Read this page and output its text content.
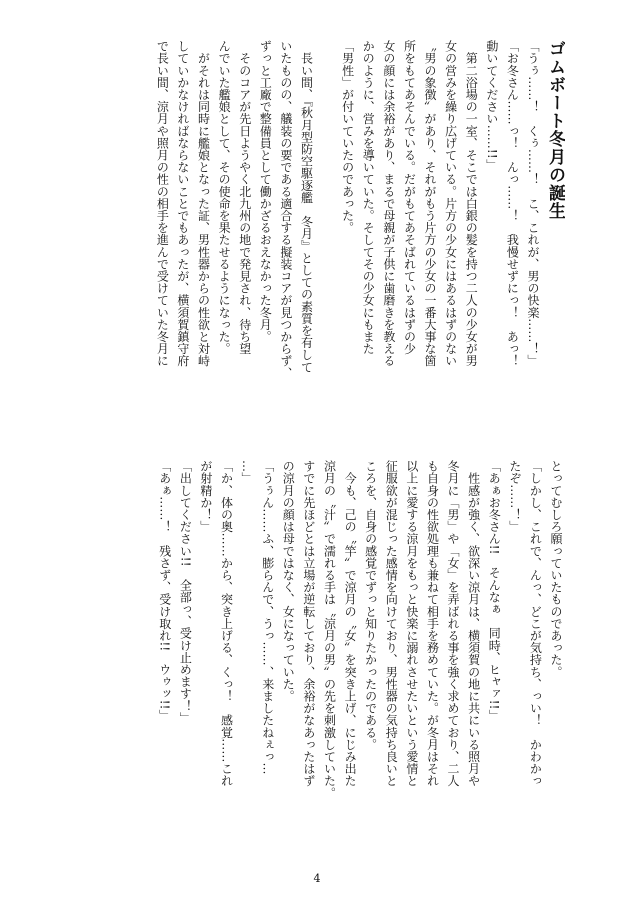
ゴムボート冬月の誕生

「うぅ……！　くぅ……！　こ、これが、男の快楽……！」

「お冬さん……っ！　んっ……！　我慢せずにっ！　あっ！

動いてください……!!」

　第二浴場の一室、そこでは白銀の髪を持つ二人の少女が男

女の営みを繰り広げている。片方の少女にはあるはずのない

〝男の象徴〟があり、それがもう片方の少女の一番大事な箇

所をもてあそんでいる。だがもてあそばれているはずの少

女の顔には余裕があり、まるで母親が子供に歯磨きを教える

かのように、営みを導いていた。そしてその少女にもまた

「男性」が付いていたのであった。

　長い間、『秋月型防空駆逐艦　冬月』としての素質を有して

いたものの、艤装の要である適合する擬装コアが見つからず、

ずっと工廠で整備員として働かざるおえなかった冬月。

　そのコアが先日ようやく北九州の地で発見され、待ち望

んでいた艦娘として、その使命を果たせるようになった。

　がそれは同時に艦娘となった証、男性器からの性欲と対峙

していかなければならないことでもあったが、横須賀鎮守府

で長い間、涼月や照月の性の相手を進んで受けていた冬月に

とってむしろ願っていたものであった。

「しかし、これで、んっ、どこが気持ち、っい！　かわかっ

たぞ……！」

「あぁお冬さん!!　そんなぁ　同時、ヒャァ!!」

　性感が強く、欲深い涼月は、横須賀の地に共にいる照月や

冬月に「男」や「女」を弄ばれる事を強く求めており、二人

も自身の性欲処理も兼ねて相手を務めていた。が冬月はそれ

以上に愛する涼月をもっと快楽に溺れさせたいという愛情と

征服欲が混じった感情を向けており、男性器の気持ち良いと

ころを、自身の感覚でずっと知りたかったのである。

　今も、己の〝竿〟で涼月の〝女〟を突き上げ、にじみ出た

涼月の〝汁〟で濡れる手は〝涼月の男〟の先を刺激していた。

すでに先ほどとは立場が逆転しており、余裕がなあったはず

の涼月の顔は母ではなく、女になっていた。

「うぅん……ふ、膨らんで、うっ……、来ましたねぇっ…

…」

「か、体の奥……から、突き上げる、くっ！　感覚……これ

が射精か！」

「出してください!!　全部っ、受け止めます！」

「あぁ……！　残さず、受け取れ!!　ウゥッ!!」

4
